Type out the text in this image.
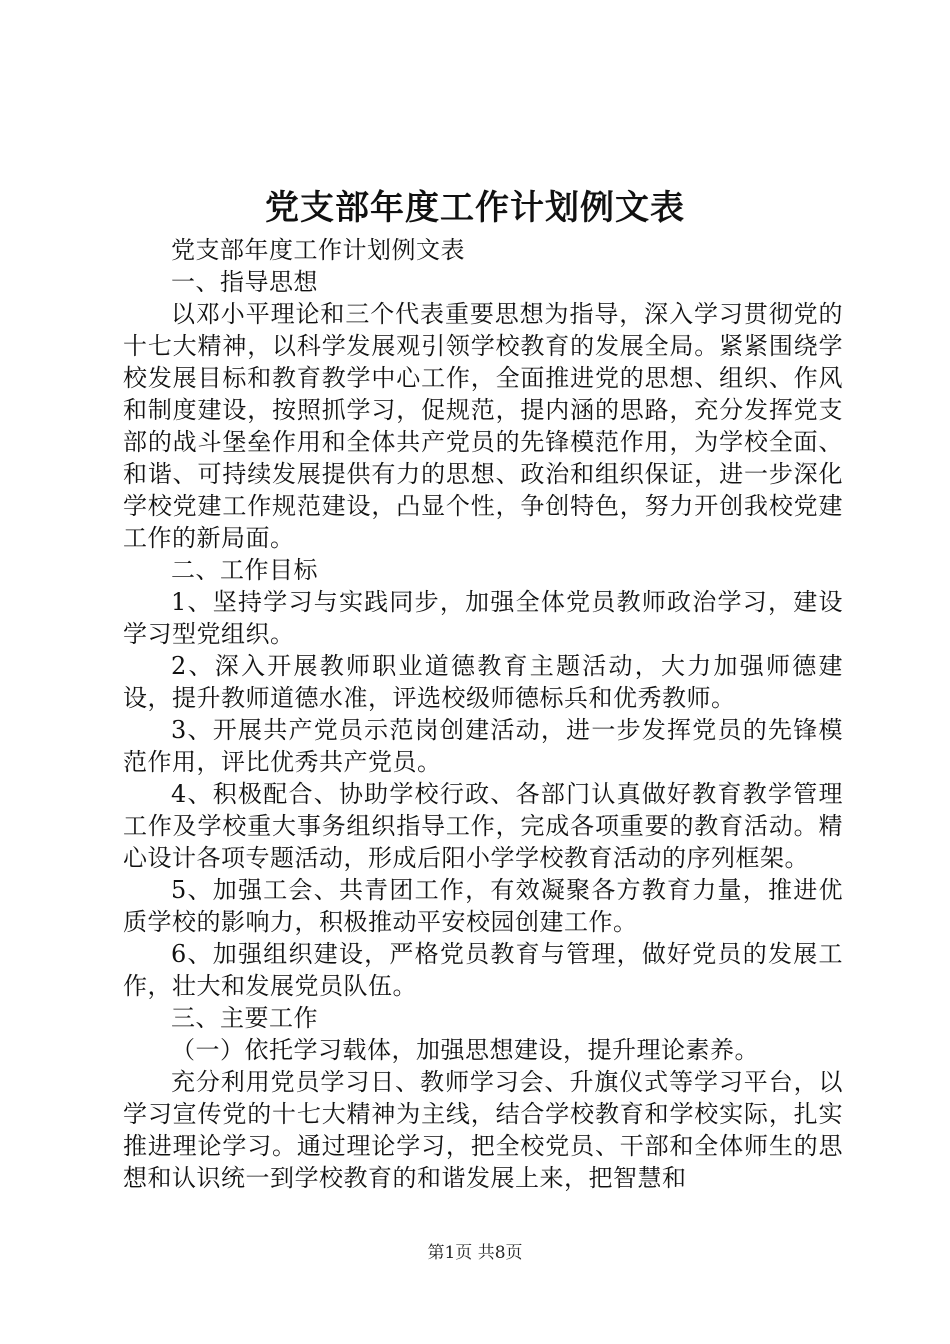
党支部年度工作计划例文表

党支部年度工作计划例文表

一、指导思想

以邓小平理论和三个代表重要思想为指导，深入学习贯彻党的十七大精神，以科学发展观引领学校教育的发展全局。紧紧围绕学校发展目标和教育教学中心工作，全面推进党的思想、组织、作风和制度建设，按照抓学习，促规范，提内涵的思路，充分发挥党支部的战斗堡垒作用和全体共产党员的先锋模范作用，为学校全面、和谐、可持续发展提供有力的思想、政治和组织保证，进一步深化学校党建工作规范建设，凸显个性，争创特色，努力开创我校党建工作的新局面。

二、工作目标

1、坚持学习与实践同步，加强全体党员教师政治学习，建设学习型党组织。

2、深入开展教师职业道德教育主题活动，大力加强师德建设，提升教师道德水准，评选校级师德标兵和优秀教师。

3、开展共产党员示范岗创建活动，进一步发挥党员的先锋模范作用，评比优秀共产党员。

4、积极配合、协助学校行政、各部门认真做好教育教学管理工作及学校重大事务组织指导工作，完成各项重要的教育活动。精心设计各项专题活动，形成后阳小学学校教育活动的序列框架。

5、加强工会、共青团工作，有效凝聚各方教育力量，推进优质学校的影响力，积极推动平安校园创建工作。

6、加强组织建设，严格党员教育与管理，做好党员的发展工作，壮大和发展党员队伍。

三、主要工作

（一）依托学习载体，加强思想建设，提升理论素养。

充分利用党员学习日、教师学习会、升旗仪式等学习平台，以学习宣传党的十七大精神为主线，结合学校教育和学校实际，扎实推进理论学习。通过理论学习，把全校党员、干部和全体师生的思想和认识统一到学校教育的和谐发展上来，把智慧和

第1页 共8页
